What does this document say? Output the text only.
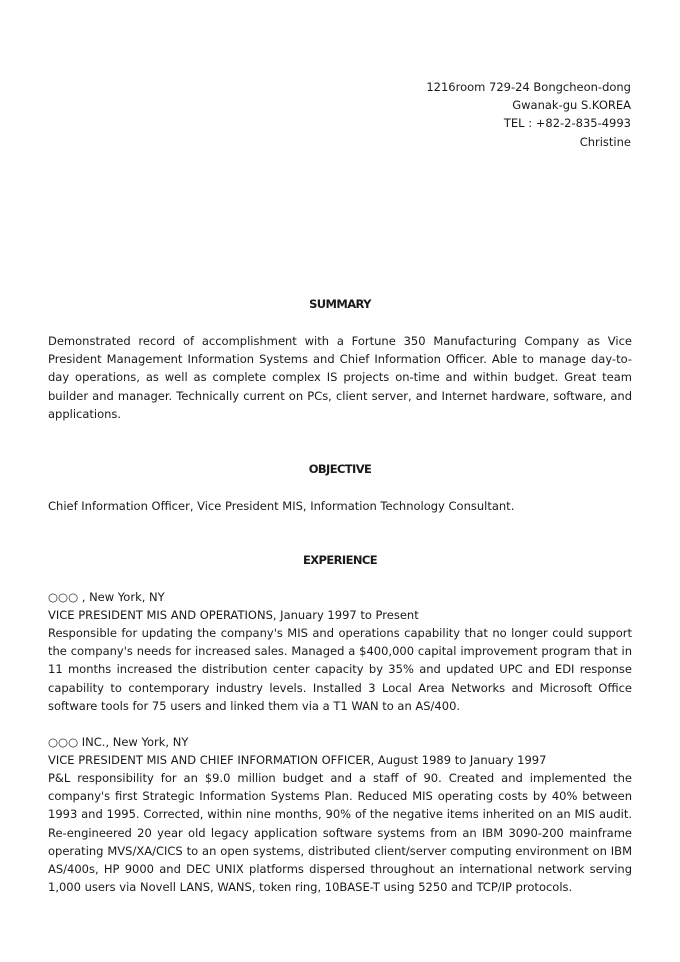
1216room 729-24 Bongcheon-dong
Gwanak-gu S.KOREA
TEL : +82-2-835-4993
Christine
SUMMARY
Demonstrated record of accomplishment with a Fortune 350 Manufacturing Company as Vice President Management Information Systems and Chief Information Officer. Able to manage day-to-day operations, as well as complete complex IS projects on-time and within budget. Great team builder and manager. Technically current on PCs, client server, and Internet hardware, software, and applications.
OBJECTIVE
Chief Information Officer, Vice President MIS, Information Technology Consultant.
EXPERIENCE
○○○ , New York, NY
VICE PRESIDENT MIS AND OPERATIONS, January 1997 to Present
Responsible for updating the company's MIS and operations capability that no longer could support the company's needs for increased sales. Managed a $400,000 capital improvement program that in 11 months increased the distribution center capacity by 35% and updated UPC and EDI response capability to contemporary industry levels. Installed 3 Local Area Networks and Microsoft Office software tools for 75 users and linked them via a T1 WAN to an AS/400.
○○○ INC., New York, NY
VICE PRESIDENT MIS AND CHIEF INFORMATION OFFICER, August 1989 to January 1997
P&L responsibility for an $9.0 million budget and a staff of 90. Created and implemented the company's first Strategic Information Systems Plan. Reduced MIS operating costs by 40% between 1993 and 1995. Corrected, within nine months, 90% of the negative items inherited on an MIS audit. Re-engineered 20 year old legacy application software systems from an IBM 3090-200 mainframe operating MVS/XA/CICS to an open systems, distributed client/server computing environment on IBM AS/400s, HP 9000 and DEC UNIX platforms dispersed throughout an international network serving 1,000 users via Novell LANS, WANS, token ring, 10BASE-T using 5250 and TCP/IP protocols.
